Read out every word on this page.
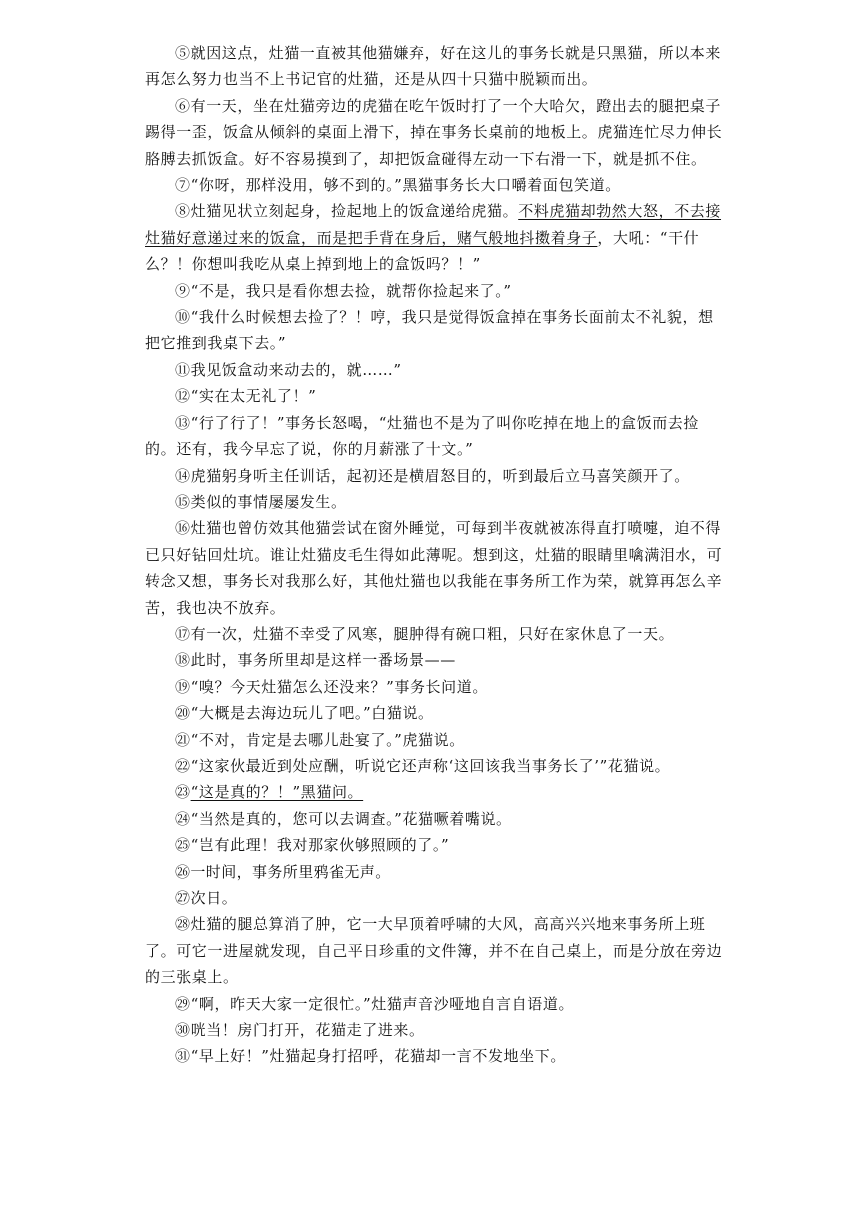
⑤就因这点，灶猫一直被其他猫嫌弃，好在这儿的事务长就是只黑猫，所以本来再怎么努力也当不上书记官的灶猫，还是从四十只猫中脱颖而出。

⑥有一天，坐在灶猫旁边的虎猫在吃午饭时打了一个大哈欠，蹬出去的腿把桌子踢得一歪，饭盒从倾斜的桌面上滑下，掉在事务长桌前的地板上。虎猫连忙尽力伸长胳膊去抓饭盒。好不容易摸到了，却把饭盒碰得左动一下右滑一下，就是抓不住。

⑦“你呀，那样没用，够不到的。”黑猫事务长大口嚼着面包笑道。

⑧灶猫见状立刻起身，捡起地上的饭盒递给虎猫。不料虎猫却勃然大怒，不去接灶猫好意递过来的饭盒，而是把手背在身后，赌气般地抖擞着身子，大吼：“干什么？！你想叫我吃从桌上掉到地上的盒饭吗？！”

⑨“不是，我只是看你想去捡，就帮你捡起来了。”

⑩“我什么时候想去捡了？！哼，我只是觉得饭盒掉在事务长面前太不礼貌，想把它推到我桌下去。”

⑪我见饭盒动来动去的，就……”

⑫“实在太无礼了！”

⑬“行了行了！”事务长怒喝，“灶猫也不是为了叫你吃掉在地上的盒饭而去捡的。还有，我今早忘了说，你的月薪涨了十文。”

⑭虎猫躬身听主任训话，起初还是横眉怒目的，听到最后立马喜笑颜开了。

⑮类似的事情屡屡发生。

⑯灶猫也曾仿效其他猫尝试在窗外睡觉，可每到半夜就被冻得直打喷嚏，迫不得已只好钻回灶坑。谁让灶猫皮毛生得如此薄呢。想到这，灶猫的眼睛里噙满泪水，可转念又想，事务长对我那么好，其他灶猫也以我能在事务所工作为荣，就算再怎么辛苦，我也决不放弃。

⑰有一次，灶猫不幸受了风寒，腿肿得有碗口粗，只好在家休息了一天。

⑱此时，事务所里却是这样一番场景——

⑲“嗅？今天灶猫怎么还没来？”事务长问道。

⑳“大概是去海边玩儿了吧。”白猫说。

㉑“不对，肯定是去哪儿赴宴了。”虎猫说。

㉒“这家伙最近到处应酬，听说它还声称‘这回该我当事务长了’”花猫说。

㉓“这是真的？！”黑猫问。

㉔“当然是真的，您可以去调查。”花猫噘着嘴说。

㉕“岂有此理！我对那家伙够照顾的了。”

㉖一时间，事务所里鸦雀无声。

㉗次日。

㉘灶猫的腿总算消了肿，它一大早顶着呼啸的大风，高高兴兴地来事务所上班了。可它一进屋就发现，自己平日珍重的文件簿，并不在自己桌上，而是分放在旁边的三张桌上。

㉙“啊，昨天大家一定很忙。”灶猫声音沙哑地自言自语道。

㉚咣当！房门打开，花猫走了进来。

㉛“早上好！”灶猫起身打招呼，花猫却一言不发地坐下。
